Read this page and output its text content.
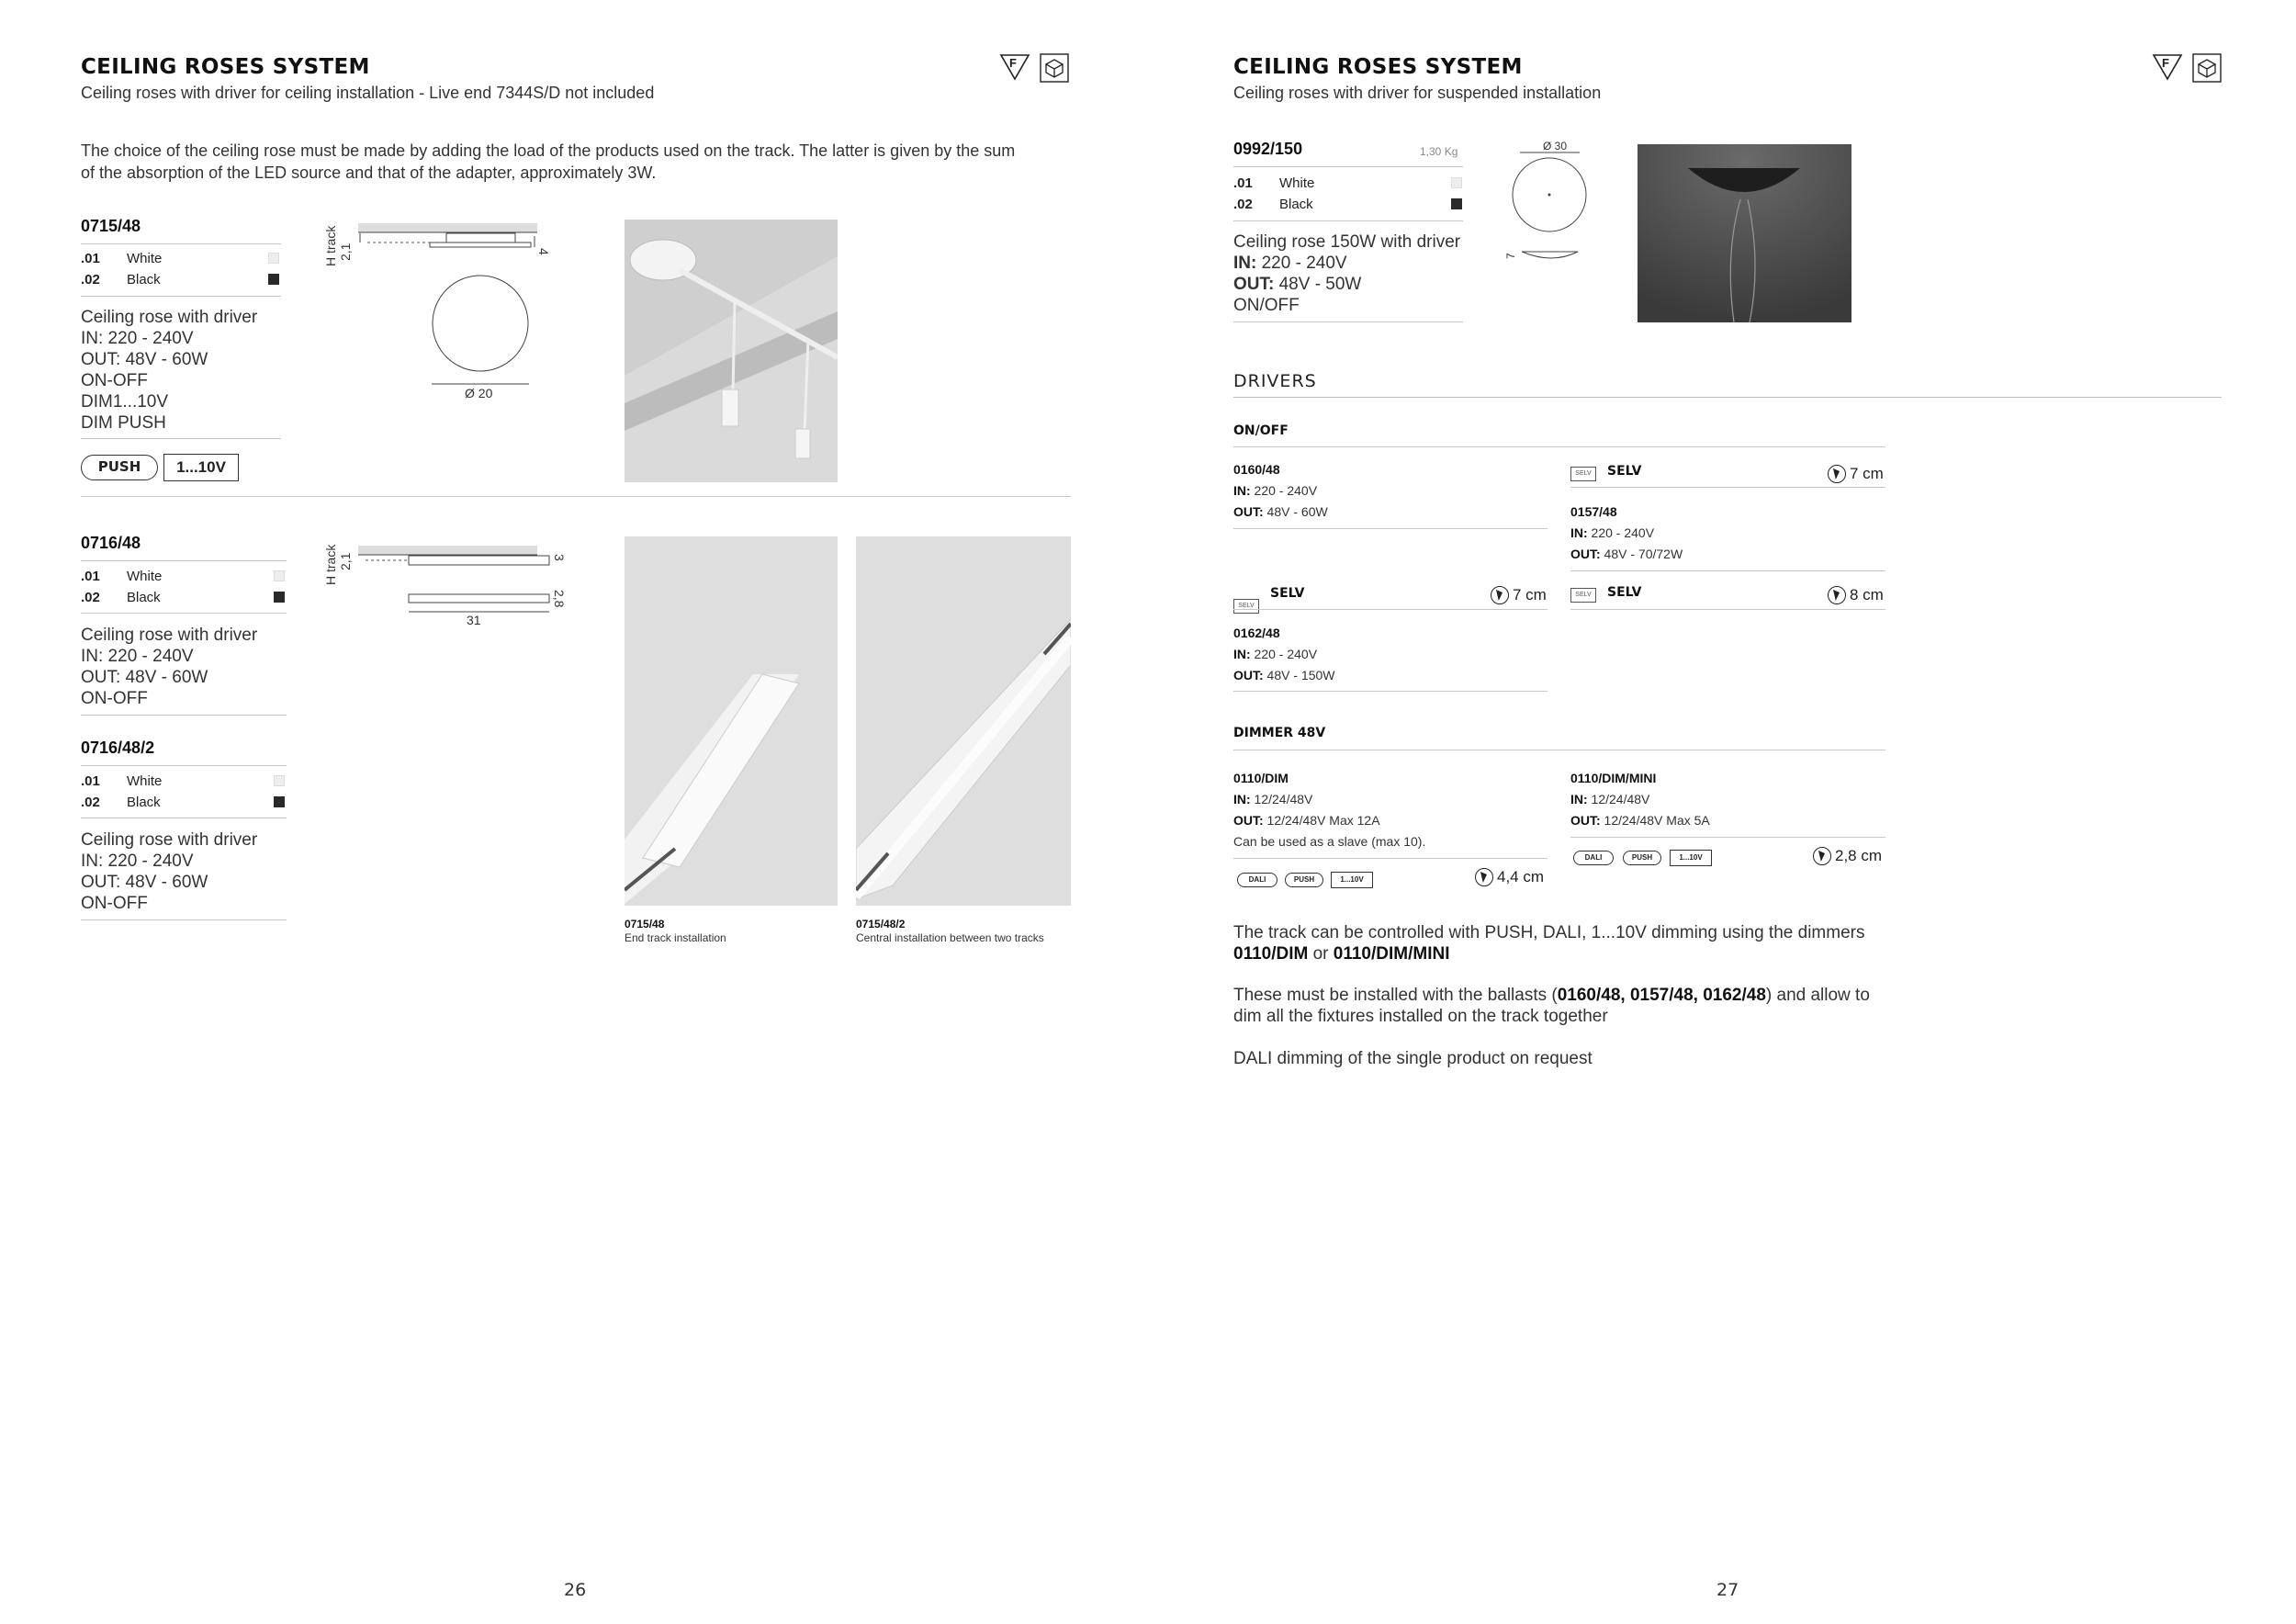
CEILING ROSES SYSTEM
Ceiling roses with driver for ceiling installation - Live end 7344S/D not included
F
The choice of the ceiling rose must be made by adding the load of the products used on the track. The latter is given by the sum
of the absorption of the LED source and that of the adapter, approximately 3W.
0715/48
.01 White
.02 Black
Ceiling rose with driver
IN: 220 - 240V
OUT: 48V - 60W
ON-OFF
DIM1...10V
DIM PUSH
PUSH	1...10V
H track 2,1	4
Ø 20
0716/48
.01 White
.02 Black
Ceiling rose with driver
IN: 220 - 240V
OUT: 48V - 60W
ON-OFF
H track 2,1	3
2,8
31
0715/48
End track installation
0715/48/2
Central installation between two tracks
0716/48/2
.01 White
.02 Black
Ceiling rose with driver
IN: 220 - 240V
OUT: 48V - 60W
ON-OFF
26
CEILING ROSES SYSTEM
Ceiling roses with driver for suspended installation
F
0992/150	1,30 Kg
.01 White
.02 Black
Ceiling rose 150W with driver
IN: 220 - 240V
OUT: 48V - 50W
ON/OFF
Ø 30
7
DRIVERS
ON/OFF
0160/48
IN: 220 - 240V
OUT: 48V - 60W
SELV	SELV	7 cm
0157/48
IN: 220 - 240V
OUT: 48V - 70/72W
SELV
SELV	7 cm
0162/48
IN: 220 - 240V
OUT: 48V - 150W
SELV	SELV	8 cm
DIMMER 48V
0110/DIM
IN: 12/24/48V
OUT: 12/24/48V Max 12A
Can be used as a slave (max 10).
DALI	PUSH	1...10V	4,4 cm
0110/DIM/MINI
IN: 12/24/48V
OUT: 12/24/48V Max 5A
DALI	PUSH	1...10V	2,8 cm
The track can be controlled with PUSH, DALI, 1...10V dimming using the dimmers
0110/DIM or 0110/DIM/MINI
These must be installed with the ballasts (0160/48, 0157/48, 0162/48) and allow to
dim all the fixtures installed on the track together
DALI dimming of the single product on request
27
